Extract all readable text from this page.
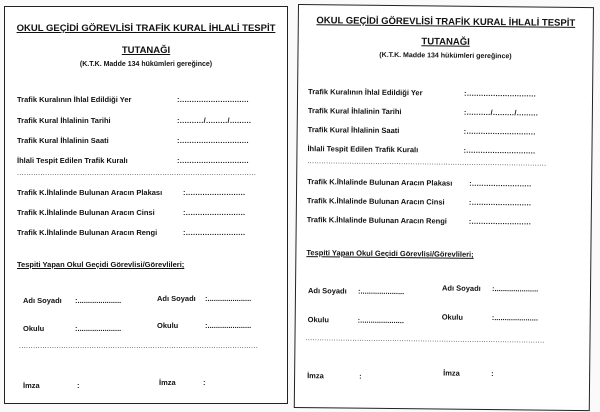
OKUL GEÇİDİ GÖREVLİSİ TRAFİK KURAL İHLALİ TESPİT
TUTANAĞI
(K.T.K. Madde 134 hükümleri gereğince)
Trafik Kuralının İhlal Edildiği Yer	:.............................
Trafik Kural İhlalinin Tarihi	:........../........./.........
Trafik Kural İhlalinin Saati	:.............................
İhlali Tespit Edilen Trafik Kuralı	:.............................
......................................................................................................
Trafik K.İhlalinde Bulunan Aracın Plakası	:.........................
Trafik K.İhlalinde Bulunan Aracın Cinsi	:.........................
Trafik K.İhlalinde Bulunan Aracın Rengi	:.........................
Tespiti Yapan Okul Geçidi Görevlisi/Görevlileri;
Adı Soyadı :.....................	Adı Soyadı :.....................
Okulu	:.....................	Okulu	:.....................
......................................................................................................
İmza	:	İmza	:
OKUL GEÇİDİ GÖREVLİSİ TRAFİK KURAL İHLALİ TESPİT
TUTANAĞI
(K.T.K. Madde 134 hükümleri gereğince)
Trafik Kuralının İhlal Edildiği Yer	:.............................
Trafik Kural İhlalinin Tarihi	:........../........./.........
Trafik Kural İhlalinin Saati	:.............................
İhlali Tespit Edilen Trafik Kuralı	:.............................
......................................................................................................
Trafik K.İhlalinde Bulunan Aracın Plakası :.........................
Trafik K.İhlalinde Bulunan Aracın Cinsi	:.........................
Trafik K.İhlalinde Bulunan Aracın Rengi	:.........................
Tespiti Yapan Okul Geçidi Görevlisi/Görevlileri;
Adı Soyadı :.....................	Adı Soyadı :.....................
Okulu	:.....................	Okulu	:.....................
......................................................................................................
İmza	:	İmza	:
